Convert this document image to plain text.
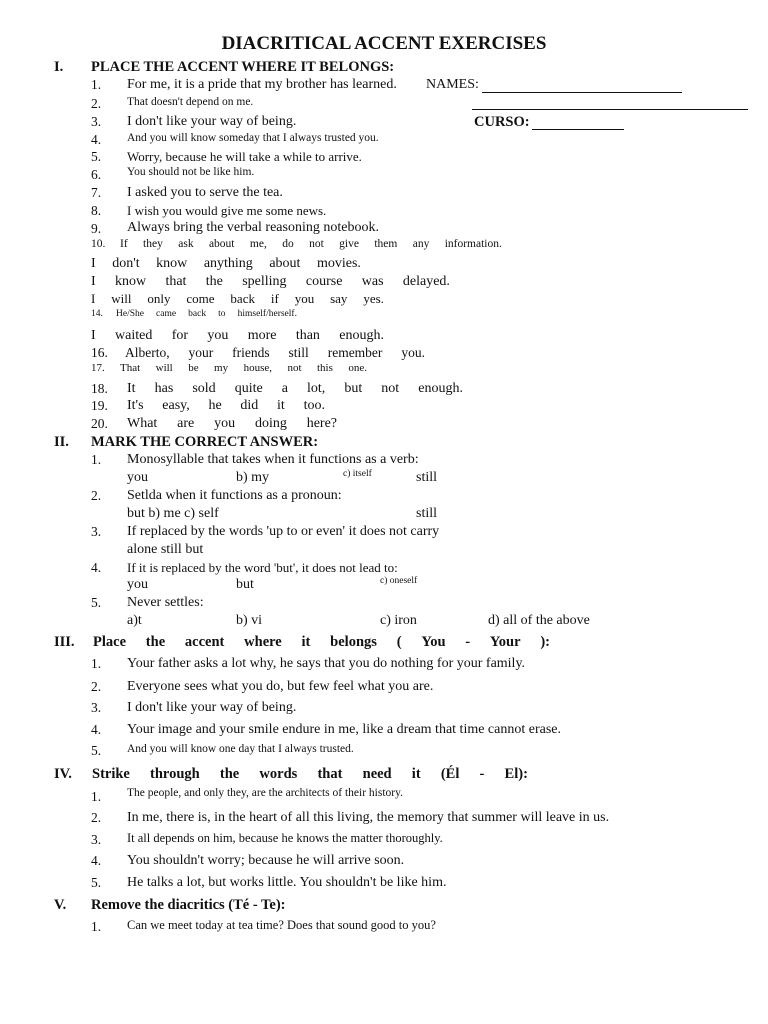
DIACRITICAL ACCENT EXERCISES
I. PLACE THE ACCENT WHERE IT BELONGS:
NAMES:
CURSO:
1. For me, it is a pride that my brother has learned.
2. That doesn't depend on me.
3. I don't like your way of being.
4. And you will know someday that I always trusted you.
5. Worry, because he will take a while to arrive.
6. You should not be like him.
7. I asked you to serve the tea.
8. I wish you would give me some news.
9. Always bring the verbal reasoning notebook.
10. If they ask about me, do not give them any information.
I don't know anything about movies.
I know that the spelling course was delayed.
I will only come back if you say yes.
14. He/She came back to himself/herself.
I waited for you more than enough.
16. Alberto, your friends still remember you.
17. That will be my house, not this one.
18. It has sold quite a lot, but not enough.
19. It's easy, he did it too.
20. What are you doing here?
II. MARK THE CORRECT ANSWER:
1. Monosyllable that takes when it functions as a verb:
you	b) my	c) itself	still
2. Setlda when it functions as a pronoun:
but b) me c) self	still
3. If replaced by the words 'up to or even' it does not carry
alone still but
4. If it is replaced by the word 'but', it does not lead to:
you	but	c) oneself
5. Never settles:
a)t	b) vi	c) iron	d) all of the above
III. Place the accent where it belongs ( You - Your ):
1. Your father asks a lot why, he says that you do nothing for your family.
2. Everyone sees what you do, but few feel what you are.
3. I don't like your way of being.
4. Your image and your smile endure in me, like a dream that time cannot erase.
5. And you will know one day that I always trusted.
IV. Strike through the words that need it (Él - El):
1. The people, and only they, are the architects of their history.
2. In me, there is, in the heart of all this living, the memory that summer will leave in us.
3. It all depends on him, because he knows the matter thoroughly.
4. You shouldn't worry; because he will arrive soon.
5. He talks a lot, but works little. You shouldn't be like him.
V. Remove the diacritics (Té - Te):
1. Can we meet today at tea time? Does that sound good to you?
